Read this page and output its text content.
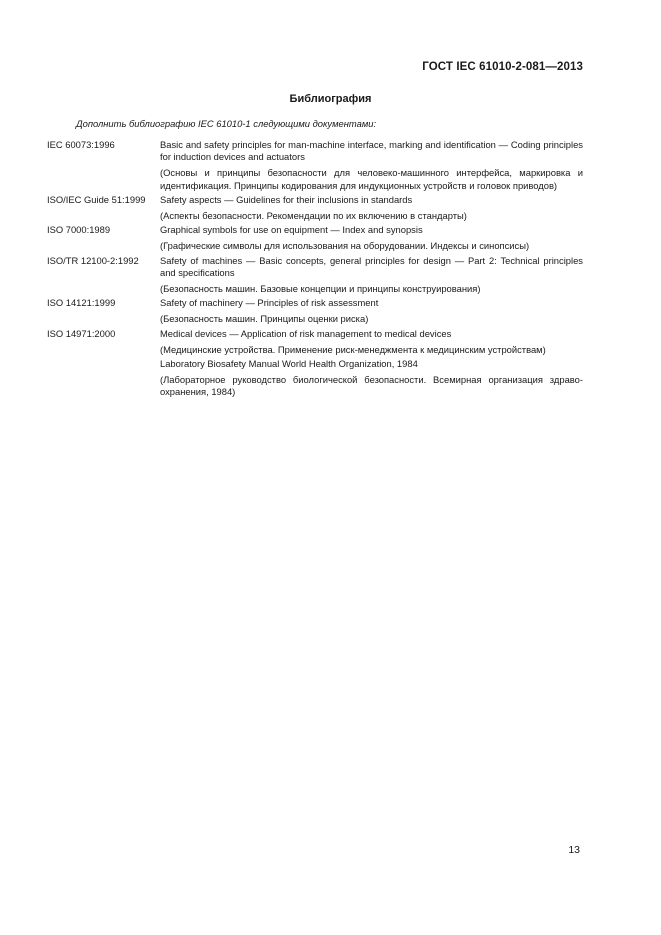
ГОСТ IEC 61010-2-081—2013
Библиография
Дополнить библиографию IEC 61010-1 следующими документами:
IEC 60073:1996	Basic and safety principles for man-machine interface, marking and identification — Coding principles for induction devices and actuators
(Основы и принципы безопасности для человеко-машинного интерфейса, маркировка и идентификация. Принципы кодирования для индукционных устройств и головок приводов)
ISO/IEC Guide 51:1999	Safety aspects — Guidelines for their inclusions in standards
(Аспекты безопасности. Рекомендации по их включению в стандарты)
ISO 7000:1989	Graphical symbols for use on equipment — Index and synopsis
(Графические символы для использования на оборудовании. Индексы и синопсисы)
ISO/TR 12100-2:1992	Safety of machines — Basic concepts, general principles for design — Part 2: Technical principles and specifications
(Безопасность машин. Базовые концепции и принципы конструирования)
ISO 14121:1999	Safety of machinery — Principles of risk assessment
(Безопасность машин. Принципы оценки риска)
ISO 14971:2000	Medical devices — Application of risk management to medical devices
(Медицинские устройства. Применение риск-менеджмента к медицинским устройствам)
Laboratory Biosafety Manual World Health Organization, 1984
(Лабораторное руководство биологической безопасности. Всемирная организация здраво-охранения, 1984)
13
